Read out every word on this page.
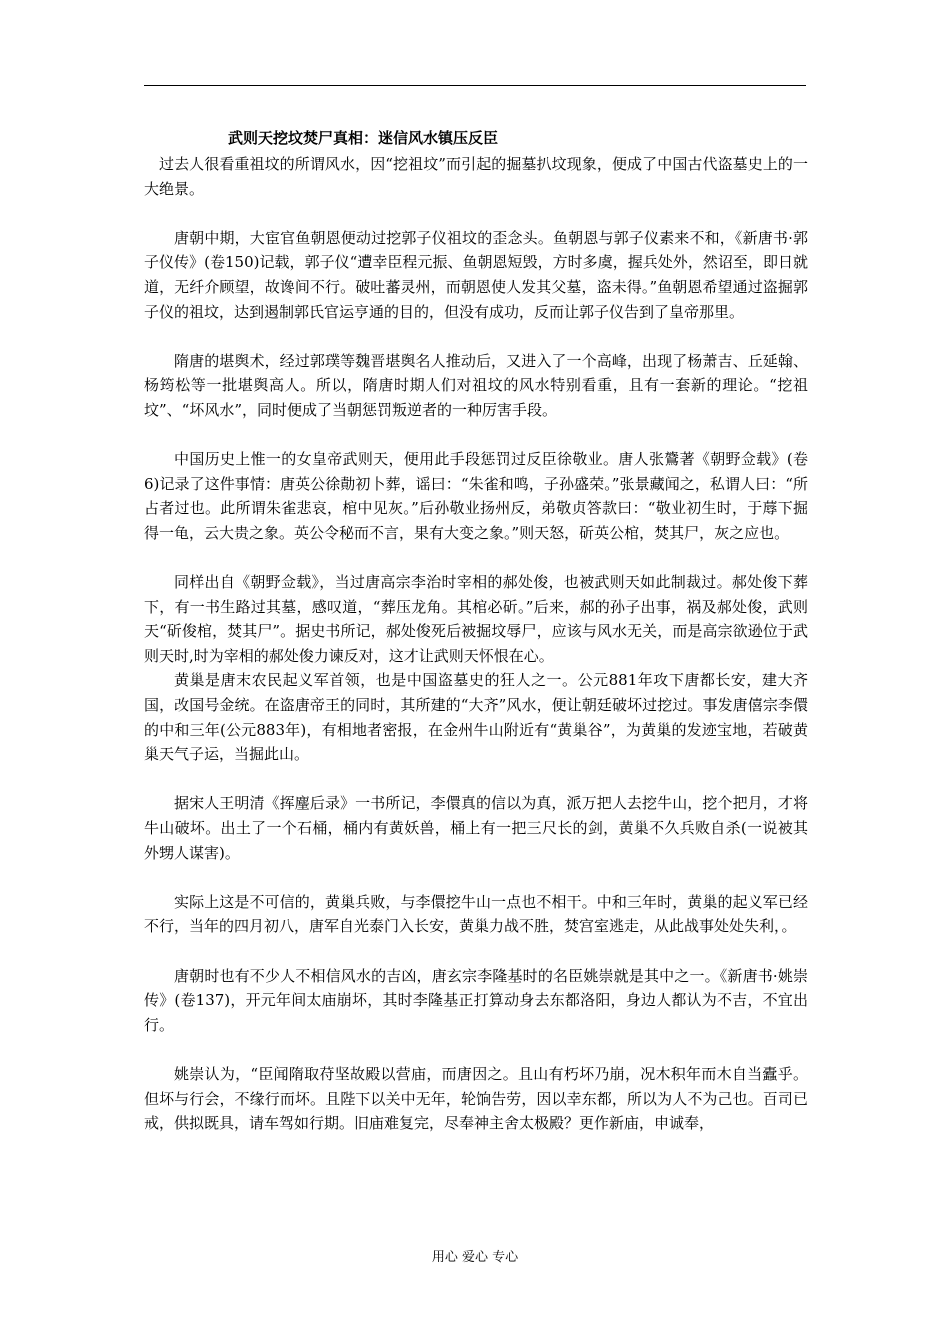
武则天挖坟焚尸真相：迷信风水镇压反臣

过去人很看重祖坟的所谓风水，因“挖祖坟”而引起的掘墓扒坟现象，便成了中国古代盗墓史上的一大绝景。

唐朝中期，大宦官鱼朝恩便动过挖郭子仪祖坟的歪念头。鱼朝恩与郭子仪素来不和，《新唐书·郭子仪传》(卷150)记载，郭子仪“遭幸臣程元振、鱼朝恩短毁，方时多虞，握兵处外，然诏至，即日就道，无纤介顾望，故谗间不行。破吐蕃灵州，而朝恩使人发其父墓，盗未得。”鱼朝恩希望通过盗掘郭子仪的祖坟，达到遏制郭氏官运亨通的目的，但没有成功，反而让郭子仪告到了皇帝那里。

隋唐的堪舆术，经过郭璞等魏晋堪舆名人推动后，又进入了一个高峰，出现了杨萧吉、丘延翰、杨筠松等一批堪舆高人。所以，隋唐时期人们对祖坟的风水特别看重，且有一套新的理论。“挖祖坟”、“坏风水”，同时便成了当朝惩罚叛逆者的一种厉害手段。

中国历史上惟一的女皇帝武则天，便用此手段惩罚过反臣徐敬业。唐人张鷟著《朝野佥载》(卷6)记录了这件事情：唐英公徐勣初卜葬，谣曰：“朱雀和鸣，子孙盛荣。”张景藏闻之，私谓人曰：“所占者过也。此所谓朱雀悲哀，棺中见灰。”后孙敬业扬州反，弟敬贞答款曰：“敬业初生时，于蓐下掘得一龟，云大贵之象。英公令秘而不言，果有大变之象。”则天怒，斫英公棺，焚其尸，灰之应也。

同样出自《朝野佥载》，当过唐高宗李治时宰相的郝处俊，也被武则天如此制裁过。郝处俊下葬下，有一书生路过其墓，感叹道，“葬压龙角。其棺必斫。”后来，郝的孙子出事，祸及郝处俊，武则天“斫俊棺，焚其尸”。据史书所记，郝处俊死后被掘坟辱尸，应该与风水无关，而是高宗欲逊位于武则天时,时为宰相的郝处俊力谏反对，这才让武则天怀恨在心。

黄巢是唐末农民起义军首领，也是中国盗墓史的狂人之一。公元881年攻下唐都长安，建大齐国，改国号金统。在盗唐帝王的同时，其所建的“大齐”风水，便让朝廷破坏过挖过。事发唐僖宗李儇的中和三年(公元883年)，有相地者密报，在金州牛山附近有“黄巢谷”，为黄巢的发迹宝地，若破黄巢天气子运，当掘此山。

据宋人王明清《挥麈后录》一书所记，李儇真的信以为真，派万把人去挖牛山，挖个把月，才将牛山破坏。出土了一个石桶，桶内有黄妖兽，桶上有一把三尺长的剑，黄巢不久兵败自杀(一说被其外甥人谋害)。

实际上这是不可信的，黄巢兵败，与李儇挖牛山一点也不相干。中和三年时，黄巢的起义军已经不行，当年的四月初八，唐军自光泰门入长安，黄巢力战不胜，焚宫室逃走，从此战事处处失利，。

唐朝时也有不少人不相信风水的吉凶，唐玄宗李隆基时的名臣姚崇就是其中之一。《新唐书·姚崇传》(卷137)，开元年间太庙崩坏，其时李隆基正打算动身去东都洛阳，身边人都认为不吉，不宜出行。

姚崇认为，“臣闻隋取苻坚故殿以营庙，而唐因之。且山有朽坏乃崩，况木积年而木自当蠹乎。但坏与行会，不缘行而坏。且陛下以关中无年，轮饷告劳，因以幸东都，所以为人不为己也。百司已戒，供拟既具，请车驾如行期。旧庙难复完，尽奉神主舍太极殿？更作新庙，申诚奉，

用心 爱心 专心
